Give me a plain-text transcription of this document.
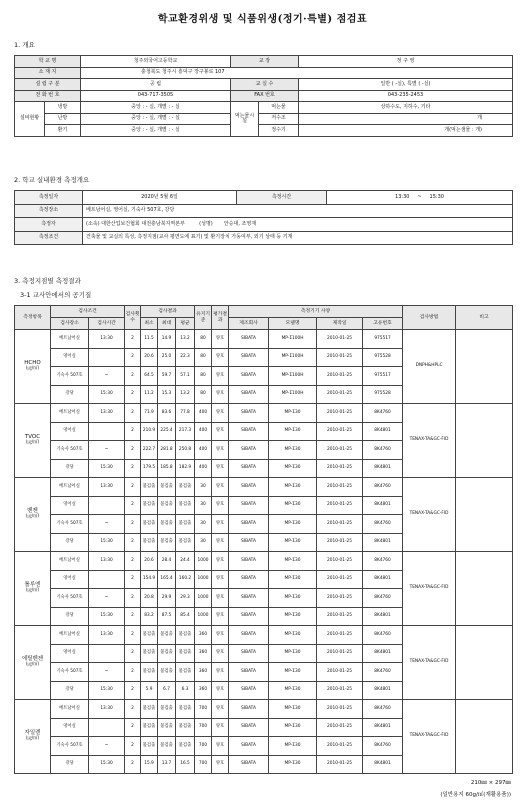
학교환경위생 및 식품위생(정기·특별) 점검표
1. 개요
학 교 명		청주외국어고등학교	교 장		정 구 영
소 재 지		충청북도 청주시 흥덕구 장구봉로 107			
설 립 구 분		공 립	교 실 수		일반 ( -실), 특별 ( -실)
전 화 번 호		043-717-3505	FAX 번호		043-235-2453
설비현황	냉방	중앙 : - 실, 개별 : - 실	먹는물시설	먹는물	상하수도, 지하수, 기타
	난방	중앙 : - 실, 개별 : - 실		저수조	개
	환기	중앙 : - 실, 개별 : - 실		정수기	개(먹는샘물 : 개)
2. 학교 실내환경 측정개요
측정일자	2020년 5월 6일	측정시간	13:30 ~ 15:30
측정장소	베트남어실, 영어실, 기숙사 507호, 강당		
측정자	(소속) 대한산업보건협회 대전충남북지역본부 (성명) 안승대, 조영재		
측정조건	건축물 및 교실의 특성, 측정지점(교사 평면도에 표기) 및 환기장치 가동여부, 외기 상태 등 기재		
3. 측정지점별 측정결과
3-1 교사안에서의 공기질
측정항목	검사조건		검사횟수	검사결과			유지기준	평가결과	측정기기 사양				검사방법	비고
	검사장소	검사시간		최소	최대	평균			제조회사	모델명	제작일	고유번호		

HCHO
(㎍/㎥)	베트남어실	13:30	2	11.5	14.9	13.2	80	양호	SIBATA	MP-Σ100H	2010-01-25	975517	DNPH&HPLC	
	영어실		2	20.6	25.0	22.3	80	양호	SIBATA	MP-Σ100H	2010-01-25	975528		
	기숙사 507호	~	2	64.5	59.7	57.1	80	양호	SIBATA	MP-Σ100H	2010-01-25	975517		
	강당	15:30	2	11.2	15.3	13.2	80	양호	SIBATA	MP-Σ100H	2010-01-25	975528		

TVOC
(㎍/㎥)	베트남어실	13:30	2	71.9	83.6	77.8	400	양호	SIBATA	MP-Σ30	2010-01-25	8K4760	TENAX-TA&GC-FID	
	영어실		2	210.9	225.4	217.3	400	양호	SIBATA	MP-Σ30	2010-01-25	8K4801		
	기숙사 507호	~	2	222.7	281.8	250.8	400	양호	SIBATA	MP-Σ30	2010-01-25	8K4760		
	강당	15:30	2	179.5	185.8	182.9	400	양호	SIBATA	MP-Σ30	2010-01-25	8K4801		

벤젠
(㎍/㎥)	베트남어실	13:30	2	불검출	불검출	불검출	30	양호	SIBATA	MP-Σ30	2010-01-25	8K4760	TENAX-TA&GC-FID	
	영어실		2	불검출	불검출	불검출	30	양호	SIBATA	MP-Σ30	2010-01-25	8K4801		
	기숙사 507호	~	2	불검출	불검출	불검출	30	양호	SIBATA	MP-Σ30	2010-01-25	8K4760		
	강당	15:30	2	불검출	불검출	불검출	30	양호	SIBATA	MP-Σ30	2010-01-25	8K4801		

톨루엔
(㎍/㎥)	베트남어실	13:30	2	20.6	28.4	24.4	1000	양호	SIBATA	MP-Σ30	2010-01-25	8K4760	TENAX-TA&GC-FID	
	영어실		2	154.9	165.4	160.2	1000	양호	SIBATA	MP-Σ30	2010-01-25	8K4801		
	기숙사 507호	~	2	20.8	29.9	29.3	1000	양호	SIBATA	MP-Σ30	2010-01-25	8K4760		
	강당	15:30	2	83.2	87.5	85.4	1000	양호	SIBATA	MP-Σ30	2010-01-25	8K4801		

에틸벤젠
(㎍/㎥)	베트남어실	13:30	2	불검출	불검출	불검출	360	양호	SIBATA	MP-Σ30	2010-01-25	8K4760	TENAX-TA&GC-FID	
	영어실		2	불검출	불검출	불검출	360	양호	SIBATA	MP-Σ30	2010-01-25	8K4801		
	기숙사 507호	~	2	불검출	불검출	불검출	360	양호	SIBATA	MP-Σ30	2010-01-25	8K4760		
	강당	15:30	2	5.9	6.7	6.3	360	양호	SIBATA	MP-Σ30	2010-01-25	8K4801		

자일렌
(㎍/㎥)	베트남어실	13:30	2	불검출	불검출	불검출	700	양호	SIBATA	MP-Σ30	2010-01-25	8K4760	TENAX-TA&GC-FID	
	영어실		2	불검출	불검출	불검출	700	양호	SIBATA	MP-Σ30	2010-01-25	8K4801		
	기숙사 507호	~	2	불검출	불검출	불검출	700	양호	SIBATA	MP-Σ30	2010-01-25	8K4760		
	강당	15:30	2	15.9	13.7	16.5	700	양호	SIBATA	MP-Σ30	2010-01-25	8K4801		
210㎜ × 297㎜
(일반용지 60g/㎡(재활용품))
